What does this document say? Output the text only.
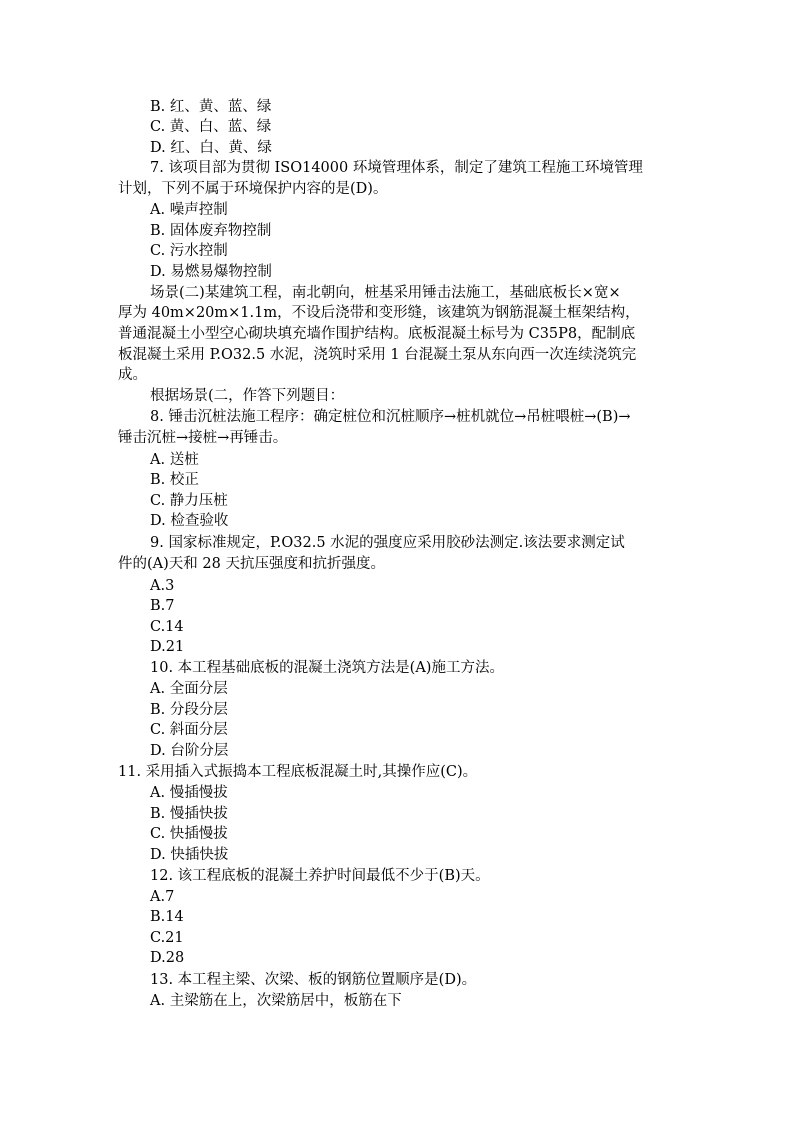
B. 红、黄、蓝、绿
C. 黄、白、蓝、绿
D. 红、白、黄、绿
7. 该项目部为贯彻 ISO14000 环境管理体系，制定了建筑工程施工环境管理
计划，下列不属于环境保护内容的是(D)。
A. 噪声控制
B. 固体废弃物控制
C. 污水控制
D. 易燃易爆物控制
场景(二)某建筑工程，南北朝向，桩基采用锤击法施工，基础底板长×宽×
厚为 40m×20m×1.1m，不设后浇带和变形缝，该建筑为钢筋混凝土框架结构，
普通混凝土小型空心砌块填充墙作围护结构。底板混凝土标号为 C35P8，配制底
板混凝土采用 P.O32.5 水泥，浇筑时采用 1 台混凝土泵从东向西一次连续浇筑完
成。
根据场景(二，作答下列题目：
8. 锤击沉桩法施工程序：确定桩位和沉桩顺序→桩机就位→吊桩喂桩→(B)→
锤击沉桩→接桩→再锤击。
A. 送桩
B. 校正
C. 静力压桩
D. 检查验收
9. 国家标准规定，P.O32.5 水泥的强度应采用胶砂法测定.该法要求测定试
件的(A)天和 28 天抗压强度和抗折强度。
A.3
B.7
C.14
D.21
10. 本工程基础底板的混凝土浇筑方法是(A)施工方法。
A. 全面分层
B. 分段分层
C. 斜面分层
D. 台阶分层
11. 采用插入式振捣本工程底板混凝土时,其操作应(C)。
A. 慢插慢拔
B. 慢插快拔
C. 快插慢拔
D. 快插快拔
12. 该工程底板的混凝土养护时间最低不少于(B)天。
A.7
B.14
C.21
D.28
13. 本工程主梁、次梁、板的钢筋位置顺序是(D)。
A. 主梁筋在上，次梁筋居中，板筋在下
